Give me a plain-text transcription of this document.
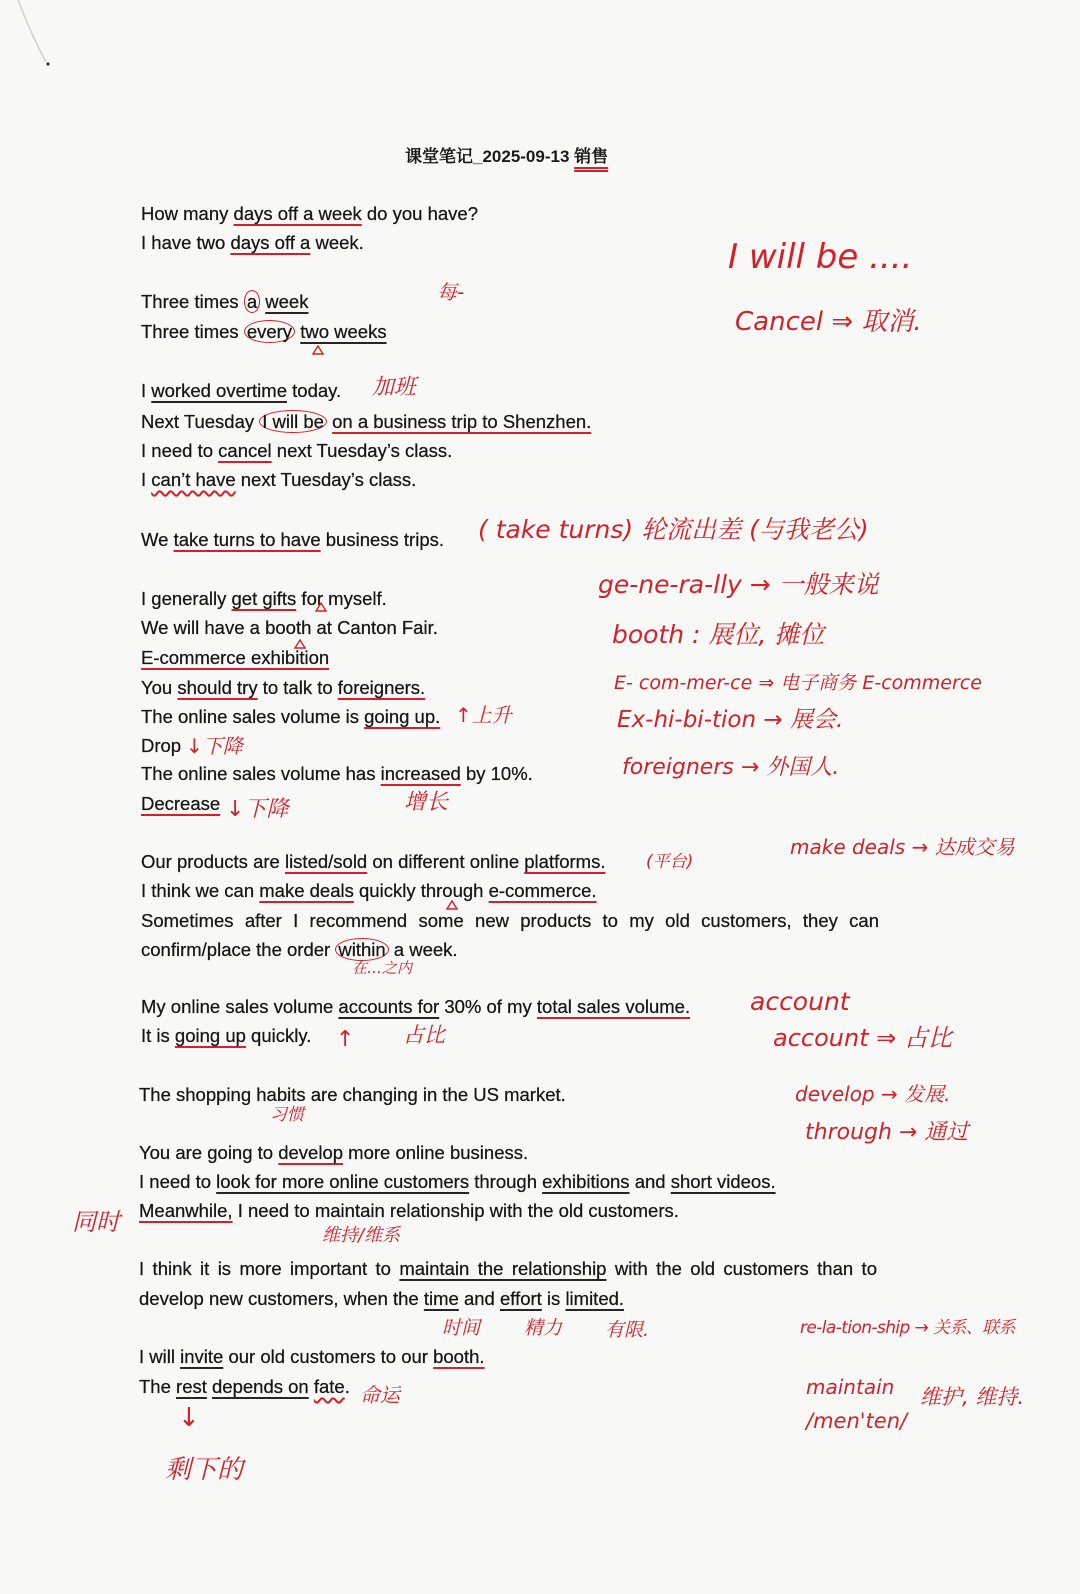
课堂笔记_2025-09-13 销售
How many days off a week do you have?
I have two days off a week.
Three times a week
Three times every two weeks
I worked overtime today.
Next Tuesday I will be on a business trip to Shenzhen.
I need to cancel next Tuesday’s class.
I can’t have next Tuesday’s class.
We take turns to have business trips.
I generally get gifts for myself.
We will have a booth at Canton Fair.
E-commerce exhibition
You should try to talk to foreigners.
The online sales volume is going up.
Drop
The online sales volume has increased by 10%.
Decrease
Our products are listed/sold on different online platforms.
I think we can make deals quickly through e-commerce.
Sometimes after I recommend some new products to my old customers, they can
confirm/place the order within a week.
My online sales volume accounts for 30% of my total sales volume.
It is going up quickly.
The shopping habits are changing in the US market.
You are going to develop more online business.
I need to look for more online customers through exhibitions and short videos.
Meanwhile, I need to maintain relationship with the old customers.
I think it is more important to maintain the relationship with the old customers than to
develop new customers, when the time and effort is limited.
I will invite our old customers to our booth.
The rest depends on fate.
I will be ....
Cancel ⇒ 取消.
每-
加班
( take turns) 轮流出差 (与我老公)
ge-ne-ra-lly → 一般来说
booth : 展位, 摊位
E- com-mer-ce ⇒ 电子商务 E-commerce
Ex-hi-bi-tion → 展会.
foreigners → 外国人.
↑上升
↓下降
增长
↓下降
(平台)
make deals → 达成交易
在…之内
account
account ⇒ 占比
↑ 占比
习惯
develop → 发展.
through → 通过
同时	维持/维系
时间 精力 有限.	re-la-tion-ship → 关系、联系
maintain
/men'ten/
维护, 维持.
命运
↓
剩下的
